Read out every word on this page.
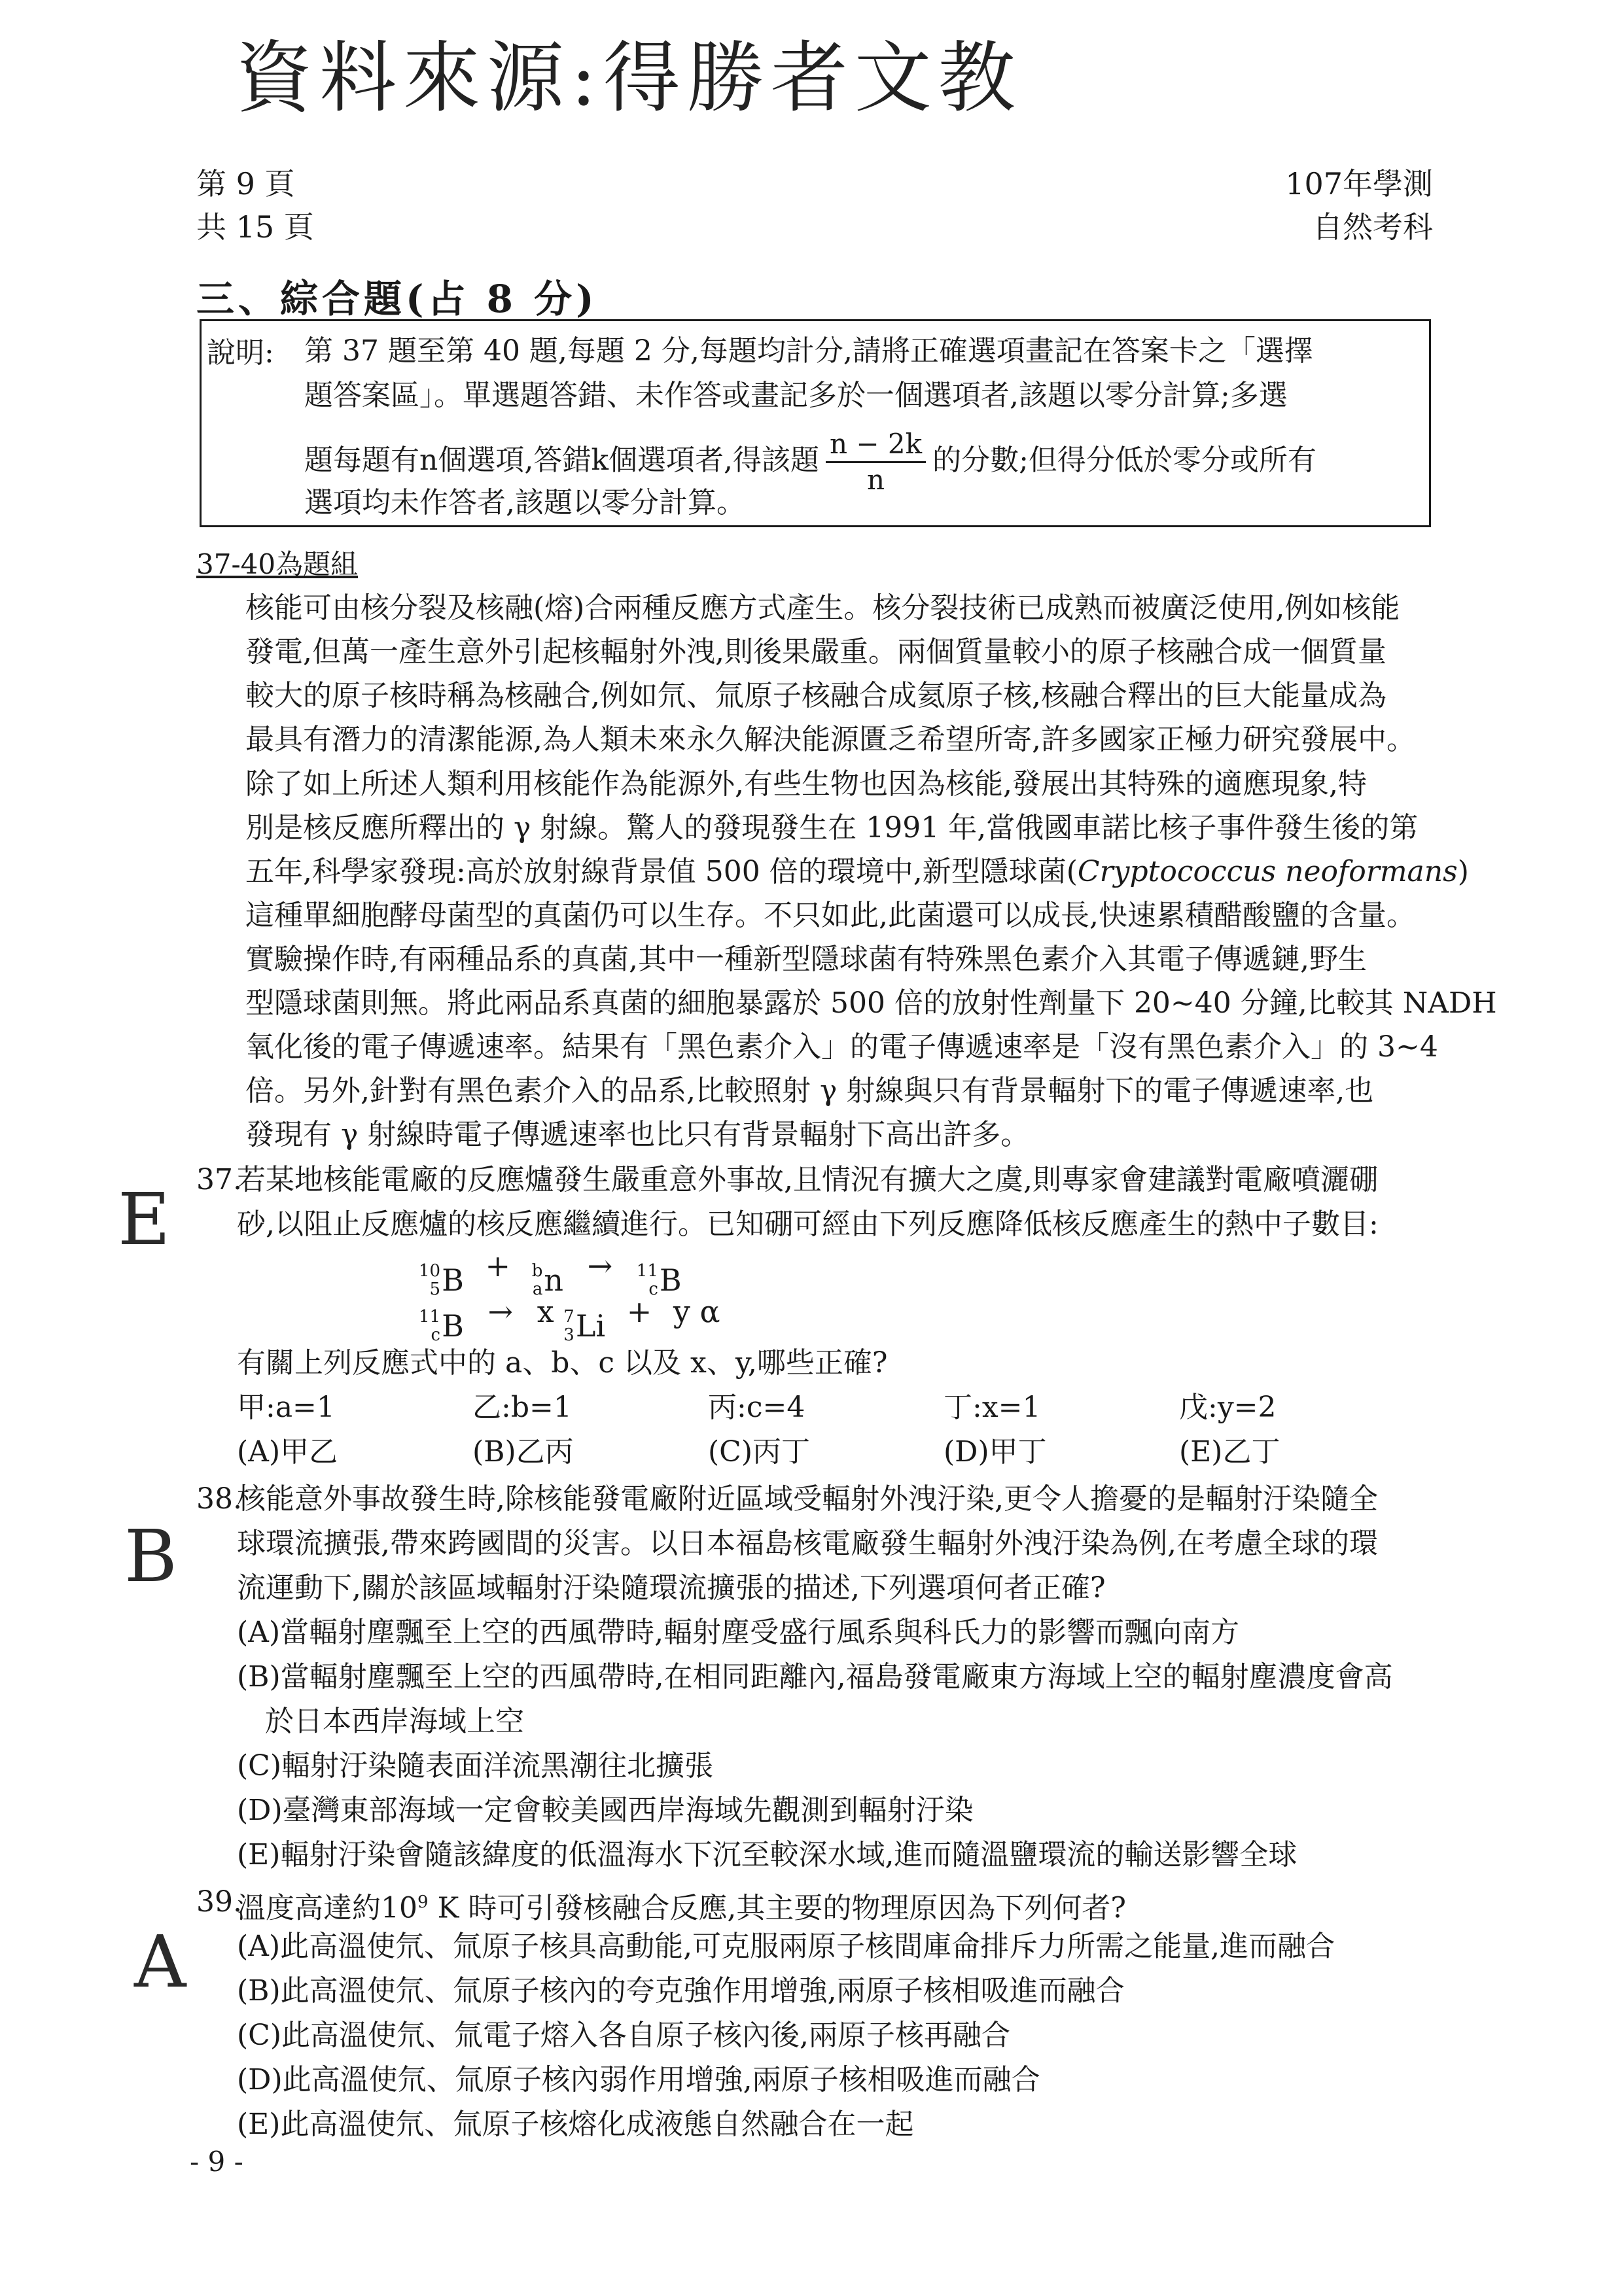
資料來源:得勝者文教
第 9 頁
共 15 頁
107年學測
自然考科
三、綜合題(占 8 分)
說明: 第 37 題至第 40 題,每題 2 分,每題均計分,請將正確選項畫記在答案卡之「選擇
題答案區」。單選題答錯、未作答或畫記多於一個選項者,該題以零分計算;多選
題每題有n個選項,答錯k個選項者,得該題 $\frac{n - 2k}{n}$ 的分數;但得分低於零分或所有
選項均未作答者,該題以零分計算。
37-40為題組
核能可由核分裂及核融(熔)合兩種反應方式產生。核分裂技術已成熟而被廣泛使用,例如核能
發電,但萬一產生意外引起核輻射外洩,則後果嚴重。兩個質量較小的原子核融合成一個質量
較大的原子核時稱為核融合,例如氘、氚原子核融合成氦原子核,核融合釋出的巨大能量成為
最具有潛力的清潔能源,為人類未來永久解決能源匱乏希望所寄,許多國家正極力研究發展中。
除了如上所述人類利用核能作為能源外,有些生物也因為核能,發展出其特殊的適應現象,特
別是核反應所釋出的 γ 射線。驚人的發現發生在 1991 年,當俄國車諾比核子事件發生後的第
五年,科學家發現:高於放射線背景值 500 倍的環境中,新型隱球菌(Cryptococcus neoformans)
這種單細胞酵母菌型的真菌仍可以生存。不只如此,此菌還可以成長,快速累積醋酸鹽的含量。
實驗操作時,有兩種品系的真菌,其中一種新型隱球菌有特殊黑色素介入其電子傳遞鏈,野生
型隱球菌則無。將此兩品系真菌的細胞暴露於 500 倍的放射性劑量下 20~40 分鐘,比較其 NADH
氧化後的電子傳遞速率。結果有「黑色素介入」的電子傳遞速率是「沒有黑色素介入」的 3~4
倍。另外,針對有黑色素介入的品系,比較照射 γ 射線與只有背景輻射下的電子傳遞速率,也
發現有 γ 射線時電子傳遞速率也比只有背景輻射下高出許多。
37.
若某地核能電廠的反應爐發生嚴重意外事故,且情況有擴大之虞,則專家會建議對電廠噴灑硼
砂,以阻止反應爐的核反應繼續進行。已知硼可經由下列反應降低核反應產生的熱中子數目:
E
10
5 B + b
a n → 11
c B
11
c B → x 7
3 Li + y α
有關上列反應式中的 a、b、c 以及 x、y,哪些正確?
甲:a=1	乙:b=1	丙:c=4	丁:x=1	戊:y=2
(A)甲乙	(B)乙丙	(C)丙丁	(D)甲丁	(E)乙丁
38.
核能意外事故發生時,除核能發電廠附近區域受輻射外洩汙染,更令人擔憂的是輻射汙染隨全
球環流擴張,帶來跨國間的災害。以日本福島核電廠發生輻射外洩汙染為例,在考慮全球的環
流運動下,關於該區域輻射汙染隨環流擴張的描述,下列選項何者正確?
B
(A)當輻射塵飄至上空的西風帶時,輻射塵受盛行風系與科氏力的影響而飄向南方
(B)當輻射塵飄至上空的西風帶時,在相同距離內,福島發電廠東方海域上空的輻射塵濃度會高
於日本西岸海域上空
(C)輻射汙染隨表面洋流黑潮往北擴張
(D)臺灣東部海域一定會較美國西岸海域先觀測到輻射汙染
(E)輻射汙染會隨該緯度的低溫海水下沉至較深水域,進而隨溫鹽環流的輸送影響全球
39.
溫度高達約$10^9$ K 時可引發核融合反應,其主要的物理原因為下列何者?
A (A)此高溫使氘、氚原子核具高動能,可克服兩原子核間庫侖排斥力所需之能量,進而融合
(B)此高溫使氘、氚原子核內的夸克強作用增強,兩原子核相吸進而融合
(C)此高溫使氘、氚電子熔入各自原子核內後,兩原子核再融合
(D)此高溫使氘、氚原子核內弱作用增強,兩原子核相吸進而融合
(E)此高溫使氘、氚原子核熔化成液態自然融合在一起
- 9 -
